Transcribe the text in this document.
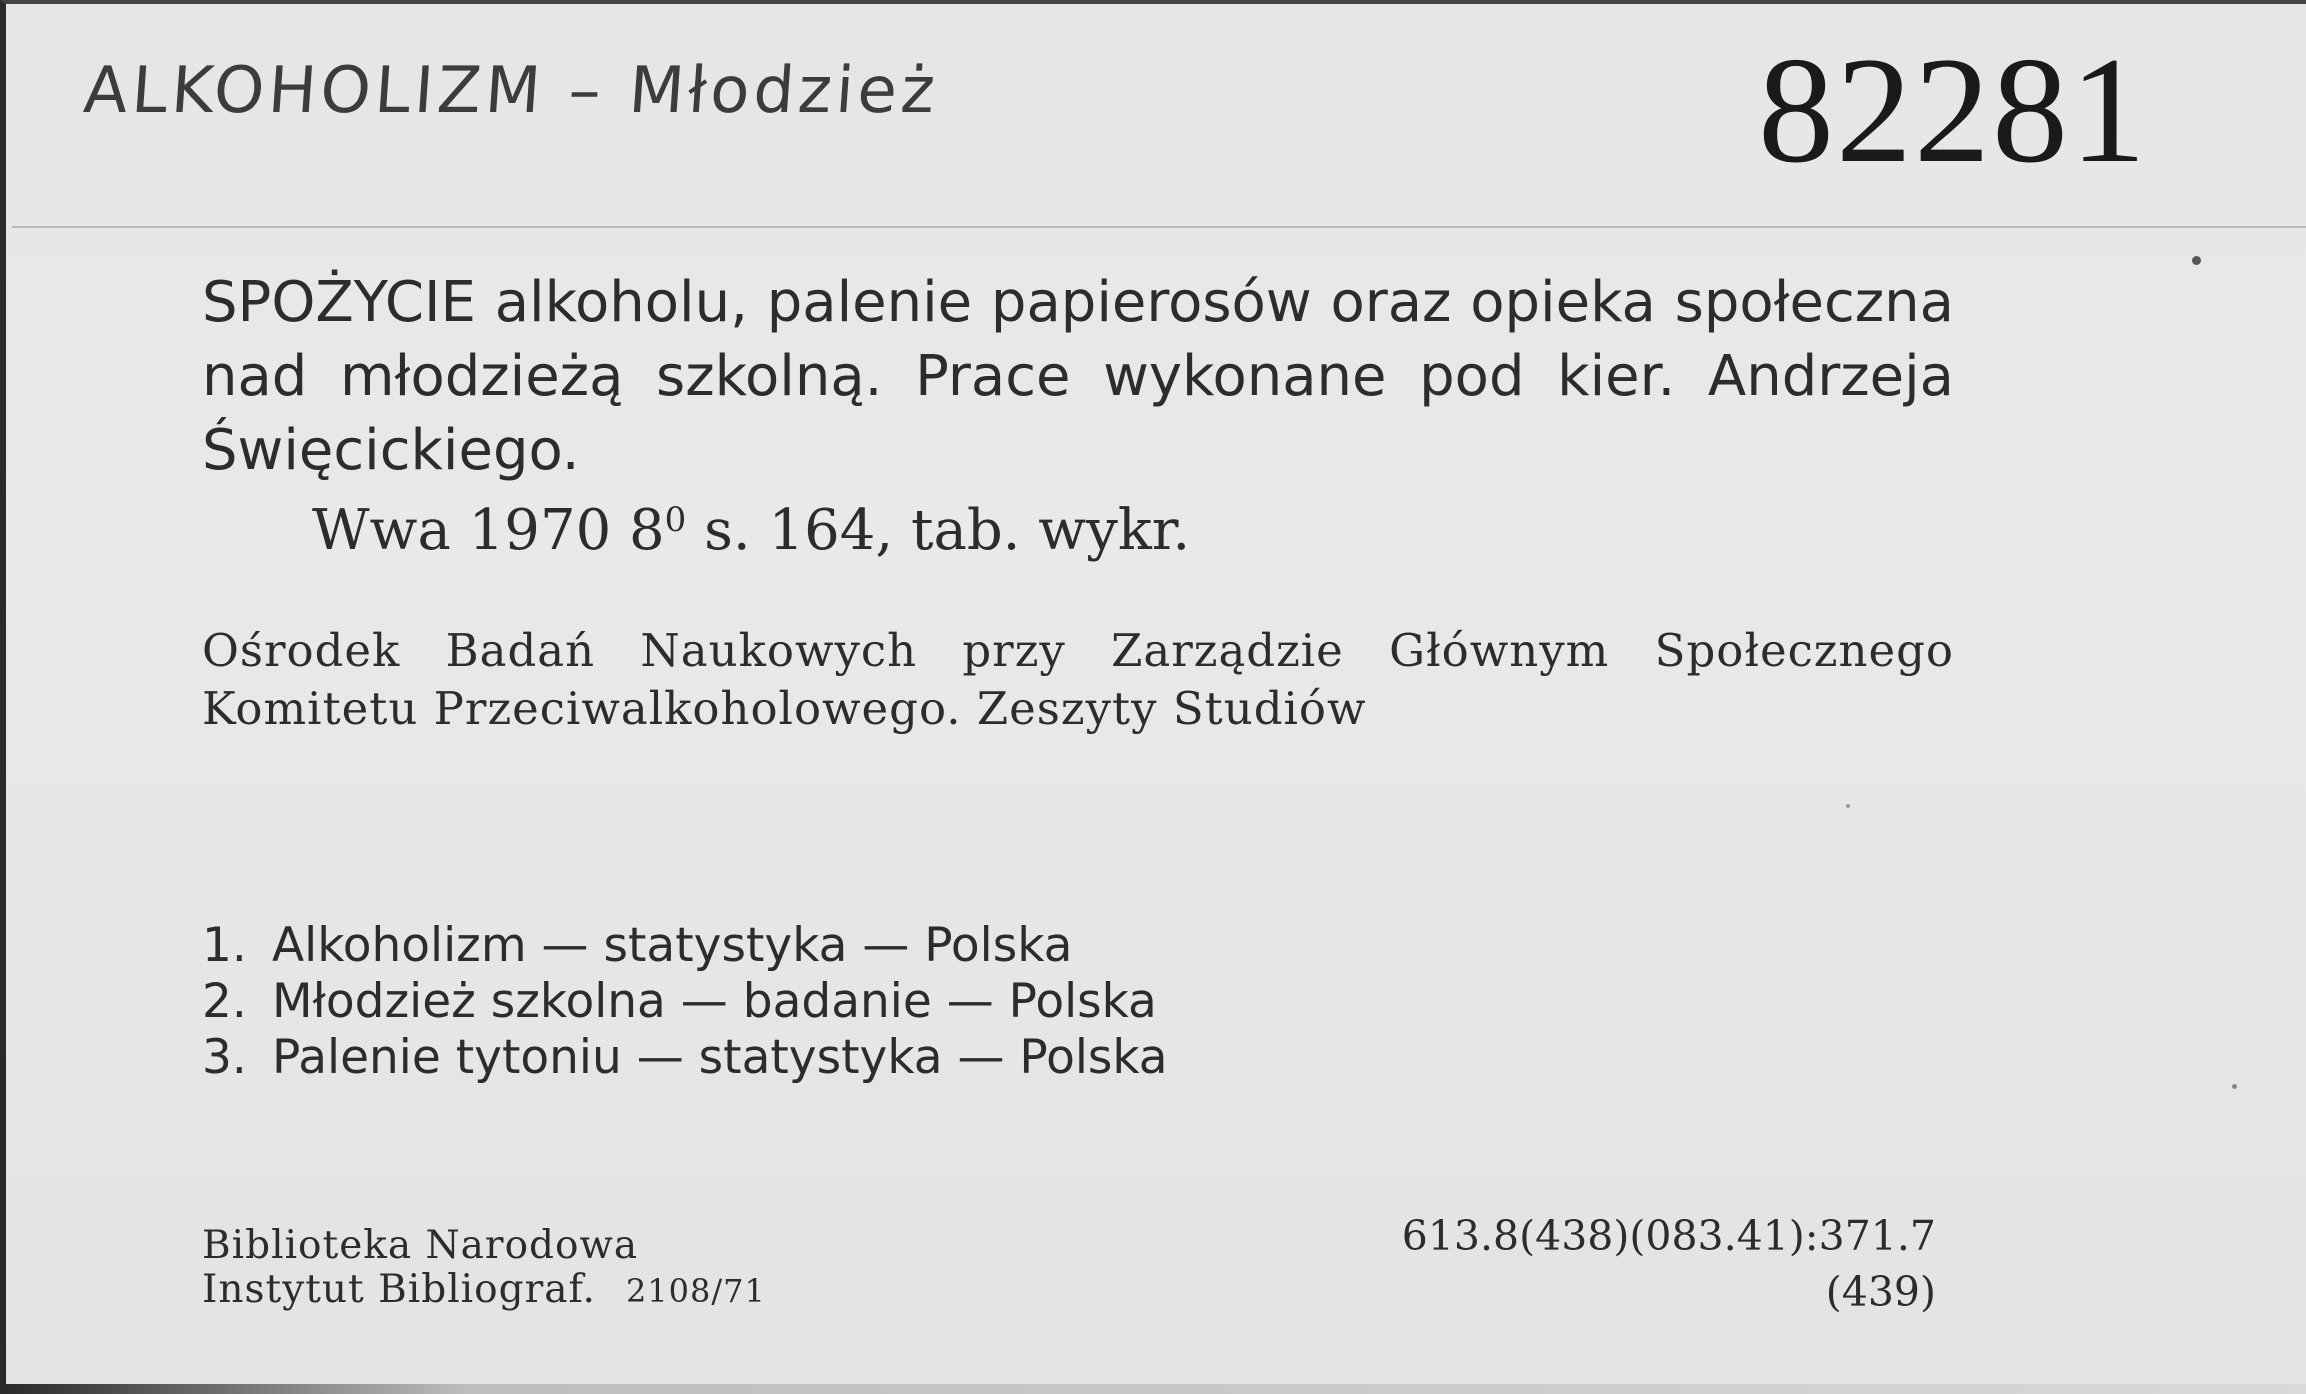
ALKOHOLIZM – Młodzież	82281
SPOŻYCIE alkoholu, palenie papierosów oraz opieka społeczna nad młodzieżą szkolną. Prace wykonane pod kier. Andrzeja Święcickiego.
Wwa 1970 $8^0$ s. 164, tab. wykr.
Ośrodek Badań Naukowych przy Zarządzie Głównym Społecznego Komitetu Przeciwalkoholowego. Zeszyty Studiów
1. Alkoholizm — statystyka — Polska
2. Młodzież szkolna — badanie — Polska
3. Palenie tytoniu — statystyka — Polska
Biblioteka Narodowa
Instytut Bibliograf. 2108/71
613.8(438)(083.41):371.7
(439)
